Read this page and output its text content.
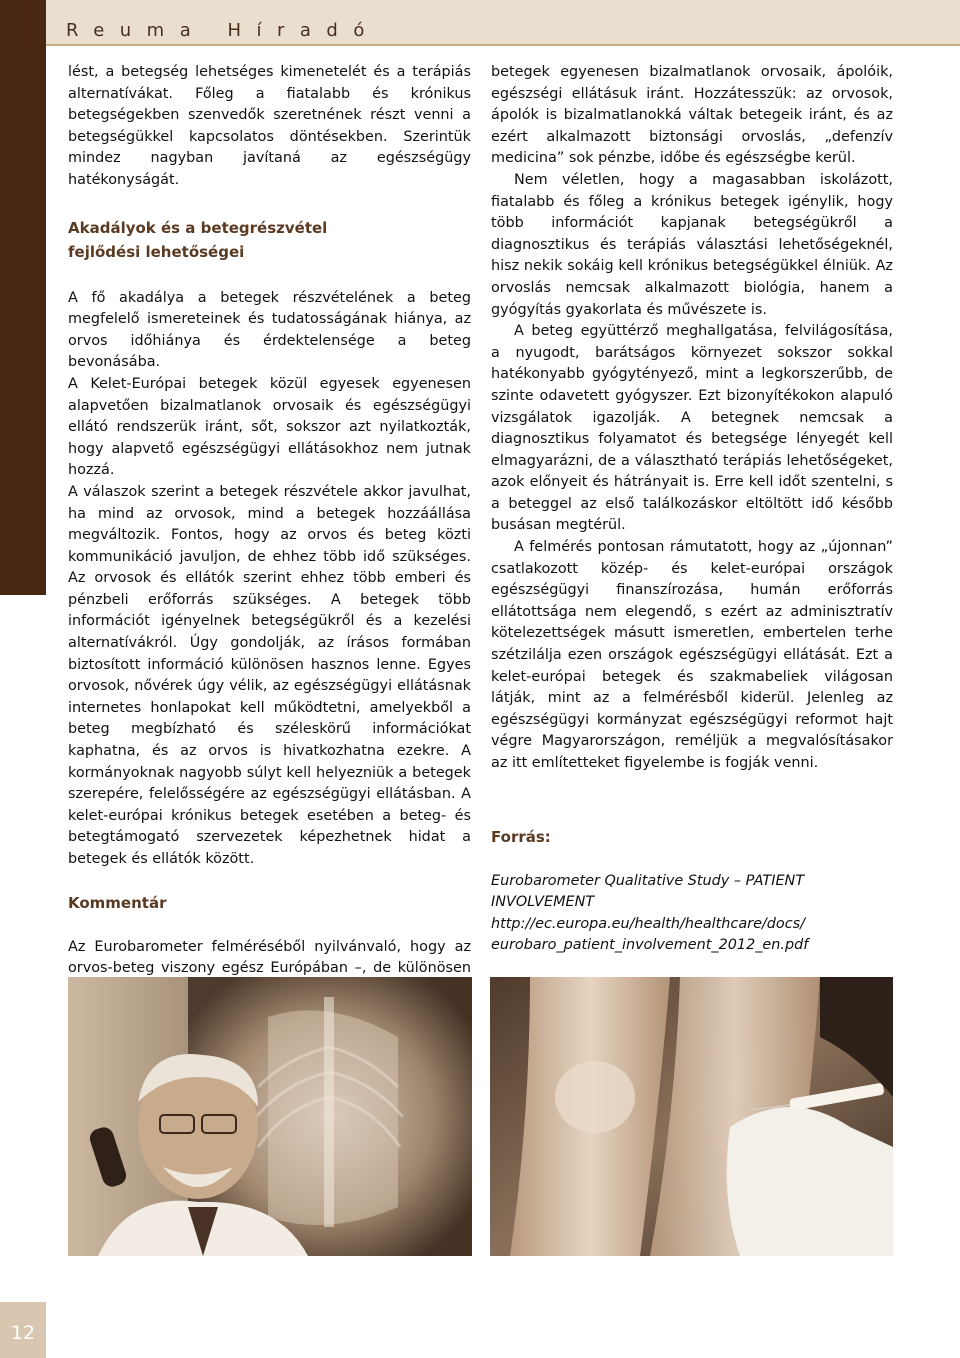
Reuma Híradó
12

lést, a betegség lehetséges kimenetelét és a terápiás alternatívákat. Főleg a fiatalabb és krónikus betegségekben szenvedők szeretnének részt venni a betegségükkel kapcsolatos döntésekben. Szerintük mindez nagyban javítaná az egészségügy hatékonyságát.

Akadályok és a betegrészvétel fejlődési lehetőségei

A fő akadálya a betegek részvételének a beteg megfelelő ismereteinek és tudatosságának hiánya, az orvos időhiánya és érdektelensége a beteg bevonásába.

A Kelet-Európai betegek közül egyesek egyenesen alapvetően bizalmatlanok orvosaik és egészségügyi ellátó rendszerük iránt, sőt, sokszor azt nyilatkozták, hogy alapvető egészségügyi ellátásokhoz nem jutnak hozzá.

A válaszok szerint a betegek részvétele akkor javulhat, ha mind az orvosok, mind a betegek hozzáállása megváltozik. Fontos, hogy az orvos és beteg közti kommunikáció javuljon, de ehhez több idő szükséges. Az orvosok és ellátók szerint ehhez több emberi és pénzbeli erőforrás szükséges. A betegek több információt igényelnek betegségükről és a kezelési alternatívákról. Úgy gondolják, az írásos formában biztosított információ különösen hasznos lenne. Egyes orvosok, nővérek úgy vélik, az egészségügyi ellátásnak internetes honlapokat kell működtetni, amelyekből a beteg megbízható és széleskörű információkat kaphatna, és az orvos is hivatkozhatna ezekre. A kormányoknak nagyobb súlyt kell helyezniük a betegek szerepére, felelősségére az egészségügyi ellátásban. A kelet-európai krónikus betegek esetében a beteg- és betegtámogató szervezetek képezhetnek hidat a betegek és ellátók között.

Kommentár

Az Eurobarometer felméréséből nyilvánvaló, hogy az orvos-beteg viszony egész Európában –, de különösen

betegek egyenesen bizalmatlanok orvosaik, ápolóik, egészségi ellátásuk iránt. Hozzátesszük: az orvosok, ápolók is bizalmatlanokká váltak betegeik iránt, és az ezért alkalmazott biztonsági orvoslás, „defenzív medicina” sok pénzbe, időbe és egészségbe kerül.

Nem véletlen, hogy a magasabban iskolázott, fiatalabb és főleg a krónikus betegek igénylik, hogy több információt kapjanak betegségükről a diagnosztikus és terápiás választási lehetőségeknél, hisz nekik sokáig kell krónikus betegségükkel élniük. Az orvoslás nemcsak alkalmazott biológia, hanem a gyógyítás gyakorlata és művészete is.

A beteg együttérző meghallgatása, felvilágosítása, a nyugodt, barátságos környezet sokszor sokkal hatékonyabb gyógytényező, mint a legkorszerűbb, de szinte odavetett gyógyszer. Ezt bizonyítékokon alapuló vizsgálatok igazolják. A betegnek nemcsak a diagnosztikus folyamatot és betegsége lényegét kell elmagyarázni, de a választható terápiás lehetőségeket, azok előnyeit és hátrányait is. Erre kell időt szentelni, s a beteggel az első találkozáskor eltöltött idő később busásan megtérül.

A felmérés pontosan rámutatott, hogy az „újonnan” csatlakozott közép- és kelet-európai országok egészségügyi finanszírozása, humán erőforrás ellátottsága nem elegendő, s ezért az adminisztratív kötelezettségek másutt ismeretlen, embertelen terhe szétzilálja ezen országok egészségügyi ellátását. Ezt a kelet-európai betegek és szakmabeliek világosan látják, mint az a felmérésből kiderül. Jelenleg az egészségügyi kormányzat egészségügyi reformot hajt végre Magyarországon, reméljük a megvalósításakor az itt említetteket figyelembe is fogják venni.

Forrás:

Eurobarometer Qualitative Study – PATIENT INVOLVEMENT

http://ec.europa.eu/health/healthcare/docs/ eurobaro_patient_involvement_2012_en.pdf
